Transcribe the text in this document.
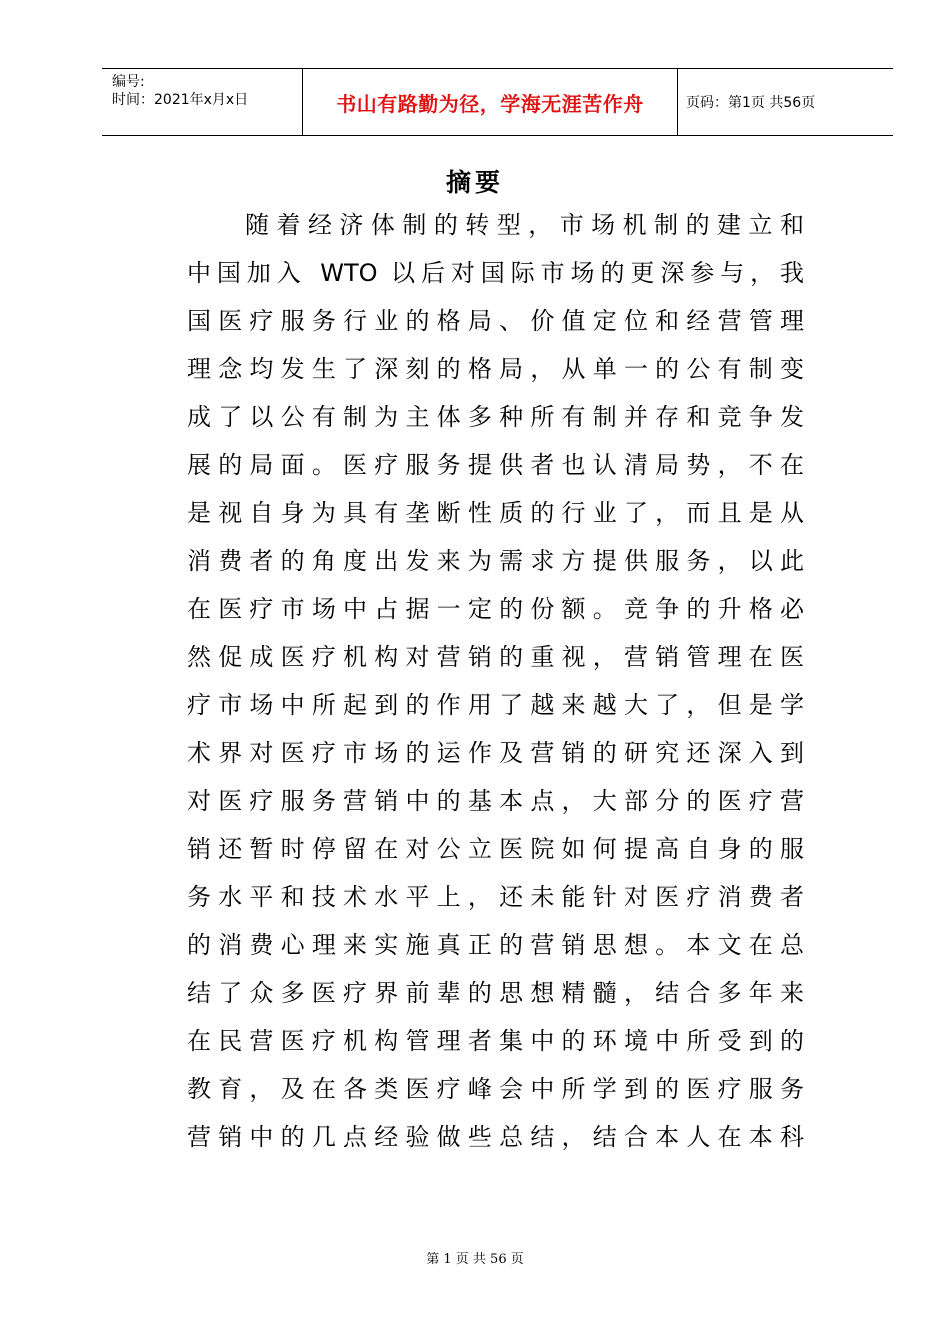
编号:
时间：2021年x月x日	书山有路勤为径，学海无涯苦作舟	页码：第1页 共56页
摘要
随着经济体制的转型，市场机制的建立和
中国加入 WTO 以后对国际市场的更深参与，我
国医疗服务行业的格局、价值定位和经营管理
理念均发生了深刻的格局，从单一的公有制变
成了以公有制为主体多种所有制并存和竞争发
展的局面。医疗服务提供者也认清局势，不在
是视自身为具有垄断性质的行业了，而且是从
消费者的角度出发来为需求方提供服务，以此
在医疗市场中占据一定的份额。竞争的升格必
然促成医疗机构对营销的重视，营销管理在医
疗市场中所起到的作用了越来越大了，但是学
术界对医疗市场的运作及营销的研究还深入到
对医疗服务营销中的基本点，大部分的医疗营
销还暂时停留在对公立医院如何提高自身的服
务水平和技术水平上，还未能针对医疗消费者
的消费心理来实施真正的营销思想。本文在总
结了众多医疗界前辈的思想精髓，结合多年来
在民营医疗机构管理者集中的环境中所受到的
教育，及在各类医疗峰会中所学到的医疗服务
营销中的几点经验做些总结，结合本人在本科
第 1 页 共 56 页
